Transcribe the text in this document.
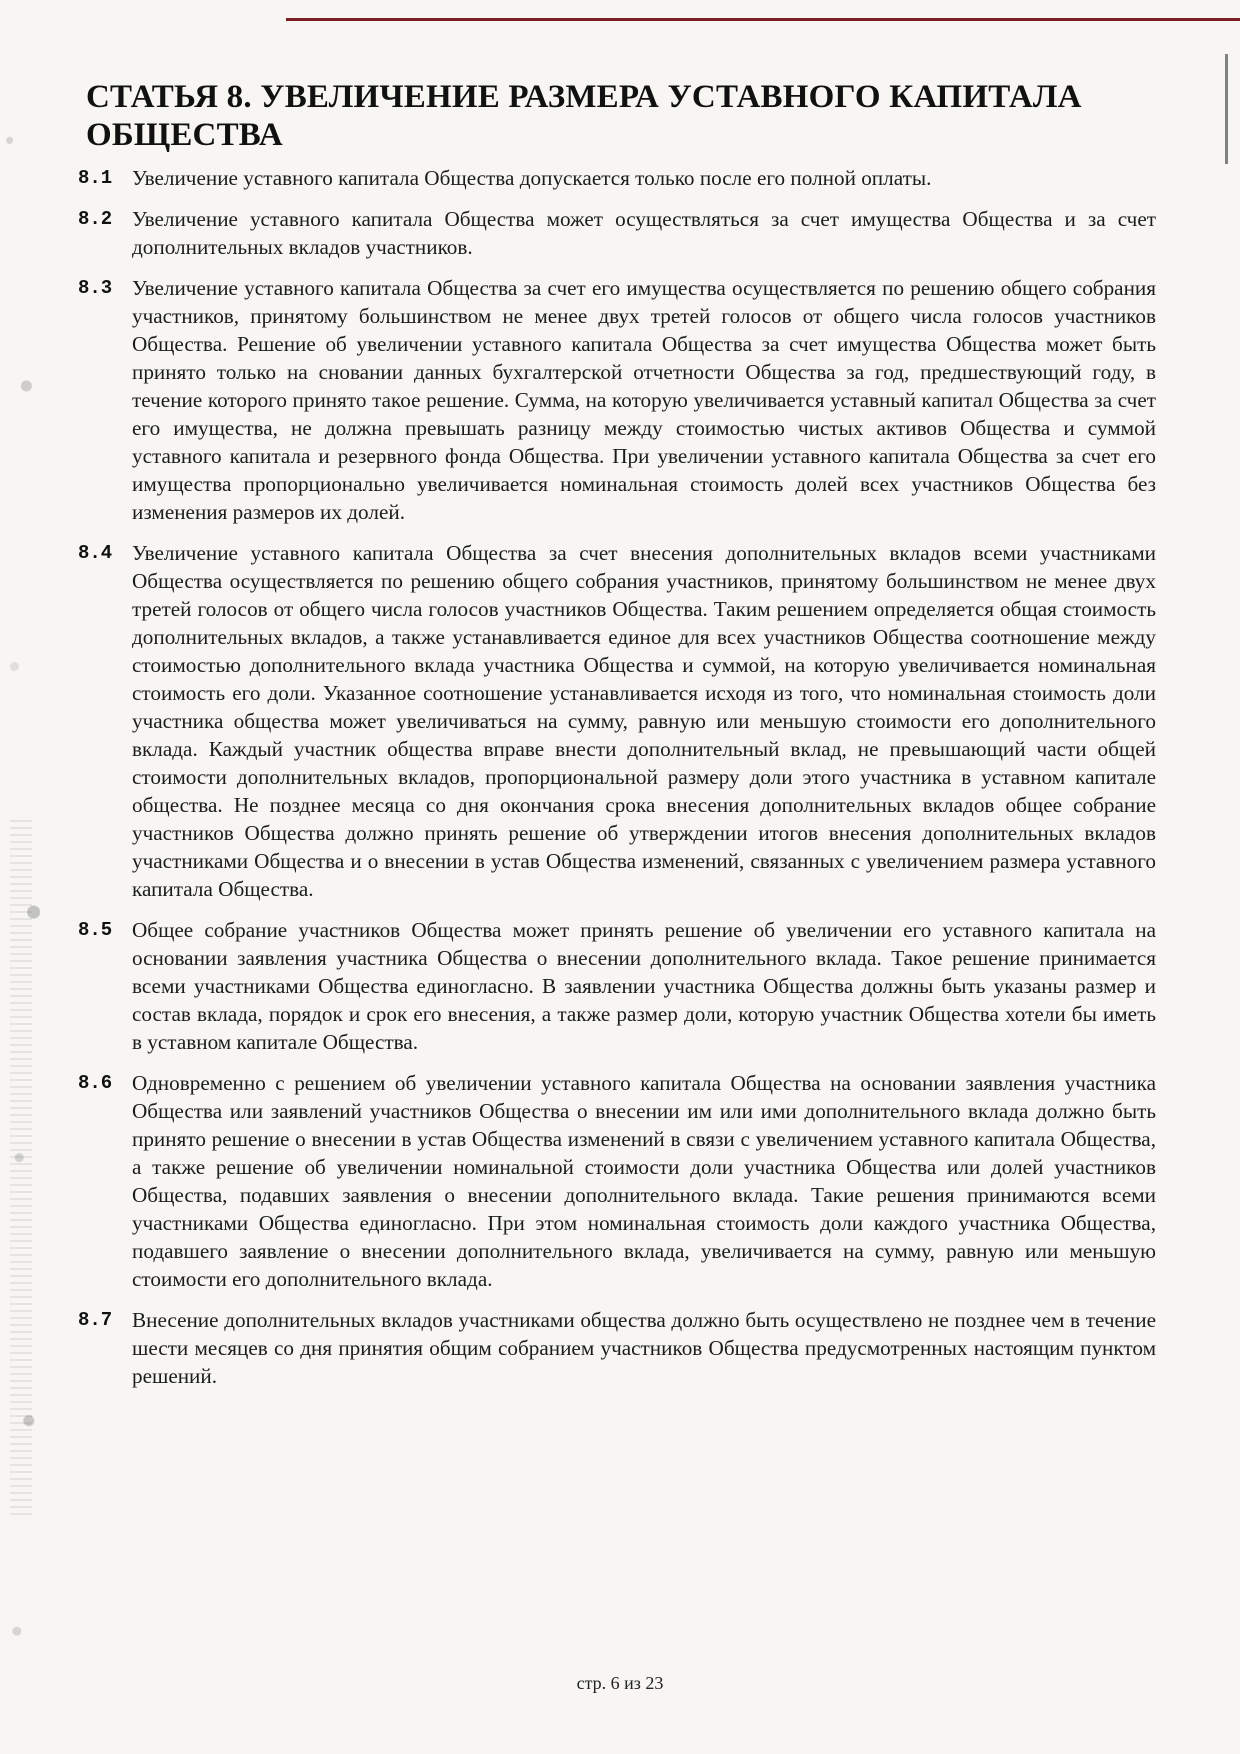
СТАТЬЯ 8. УВЕЛИЧЕНИЕ РАЗМЕРА УСТАВНОГО КАПИТАЛА ОБЩЕСТВА
8.1 Увеличение уставного капитала Общества допускается только после его полной оплаты.
8.2 Увеличение уставного капитала Общества может осуществляться за счет имущества Общества и за счет дополнительных вкладов участников.
8.3 Увеличение уставного капитала Общества за счет его имущества осуществляется по решению общего собрания участников, принятому большинством не менее двух третей голосов от общего числа голосов участников Общества. Решение об увеличении уставного капитала Общества за счет имущества Общества может быть принято только на сновании данных бухгалтерской отчетности Общества за год, предшествующий году, в течение которого принято такое решение. Сумма, на которую увеличивается уставный капитал Общества за счет его имущества, не должна превышать разницу между стоимостью чистых активов Общества и суммой уставного капитала и резервного фонда Общества. При увеличении уставного капитала Общества за счет его имущества пропорционально увеличивается номинальная стоимость долей всех участников Общества без изменения размеров их долей.
8.4 Увеличение уставного капитала Общества за счет внесения дополнительных вкладов всеми участниками Общества осуществляется по решению общего собрания участников, принятому большинством не менее двух третей голосов от общего числа голосов участников Общества. Таким решением определяется общая стоимость дополнительных вкладов, а также устанавливается единое для всех участников Общества соотношение между стоимостью дополнительного вклада участника Общества и суммой, на которую увеличивается номинальная стоимость его доли. Указанное соотношение устанавливается исходя из того, что номинальная стоимость доли участника общества может увеличиваться на сумму, равную или меньшую стоимости его дополнительного вклада. Каждый участник общества вправе внести дополнительный вклад, не превышающий части общей стоимости дополнительных вкладов, пропорциональной размеру доли этого участника в уставном капитале общества. Не позднее месяца со дня окончания срока внесения дополнительных вкладов общее собрание участников Общества должно принять решение об утверждении итогов внесения дополнительных вкладов участниками Общества и о внесении в устав Общества изменений, связанных с увеличением размера уставного капитала Общества.
8.5 Общее собрание участников Общества может принять решение об увеличении его уставного капитала на основании заявления участника Общества о внесении дополнительного вклада. Такое решение принимается всеми участниками Общества единогласно. В заявлении участника Общества должны быть указаны размер и состав вклада, порядок и срок его внесения, а также размер доли, которую участник Общества хотели бы иметь в уставном капитале Общества.
8.6 Одновременно с решением об увеличении уставного капитала Общества на основании заявления участника Общества или заявлений участников Общества о внесении им или ими дополнительного вклада должно быть принято решение о внесении в устав Общества изменений в связи с увеличением уставного капитала Общества, а также решение об увеличении номинальной стоимости доли участника Общества или долей участников Общества, подавших заявления о внесении дополнительного вклада. Такие решения принимаются всеми участниками Общества единогласно. При этом номинальная стоимость доли каждого участника Общества, подавшего заявление о внесении дополнительного вклада, увеличивается на сумму, равную или меньшую стоимости его дополнительного вклада.
8.7 Внесение дополнительных вкладов участниками общества должно быть осуществлено не позднее чем в течение шести месяцев со дня принятия общим собранием участников Общества предусмотренных настоящим пунктом решений.
стр. 6 из 23
